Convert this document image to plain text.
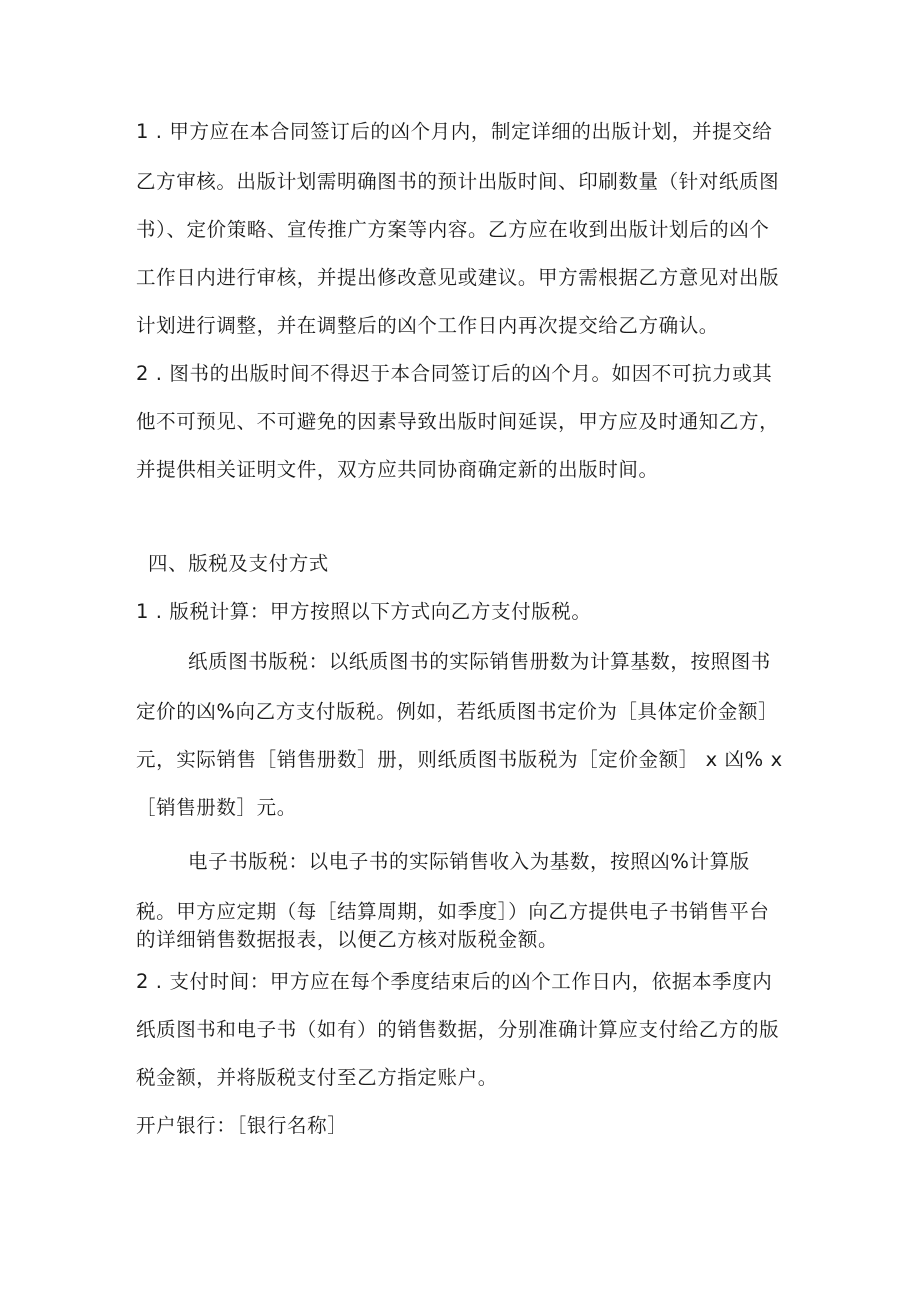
1 . 甲方应在本合同签订后的凶个月内，制定详细的出版计划，并提交给
乙方审核。出版计划需明确图书的预计出版时间、印刷数量（针对纸质图
书）、定价策略、宣传推广方案等内容。乙方应在收到出版计划后的凶个
工作日内进行审核，并提出修改意见或建议。甲方需根据乙方意见对出版
计划进行调整，并在调整后的凶个工作日内再次提交给乙方确认。
2 . 图书的出版时间不得迟于本合同签订后的凶个月。如因不可抗力或其
他不可预见、不可避免的因素导致出版时间延误，甲方应及时通知乙方，
并提供相关证明文件，双方应共同协商确定新的出版时间。
四、版税及支付方式
1 . 版税计算：甲方按照以下方式向乙方支付版税。
纸质图书版税：以纸质图书的实际销售册数为计算基数，按照图书
定价的凶%向乙方支付版税。例如，若纸质图书定价为［具体定价金额］
元，实际销售［销售册数］册，则纸质图书版税为［定价金额］ x 凶% x
［销售册数］元。
电子书版税：以电子书的实际销售收入为基数，按照凶%计算版
税。甲方应定期（每［结算周期，如季度］）向乙方提供电子书销售平台
的详细销售数据报表，以便乙方核对版税金额。
2 . 支付时间：甲方应在每个季度结束后的凶个工作日内，依据本季度内
纸质图书和电子书（如有）的销售数据，分别准确计算应支付给乙方的版
税金额，并将版税支付至乙方指定账户。
开户银行：［银行名称］
